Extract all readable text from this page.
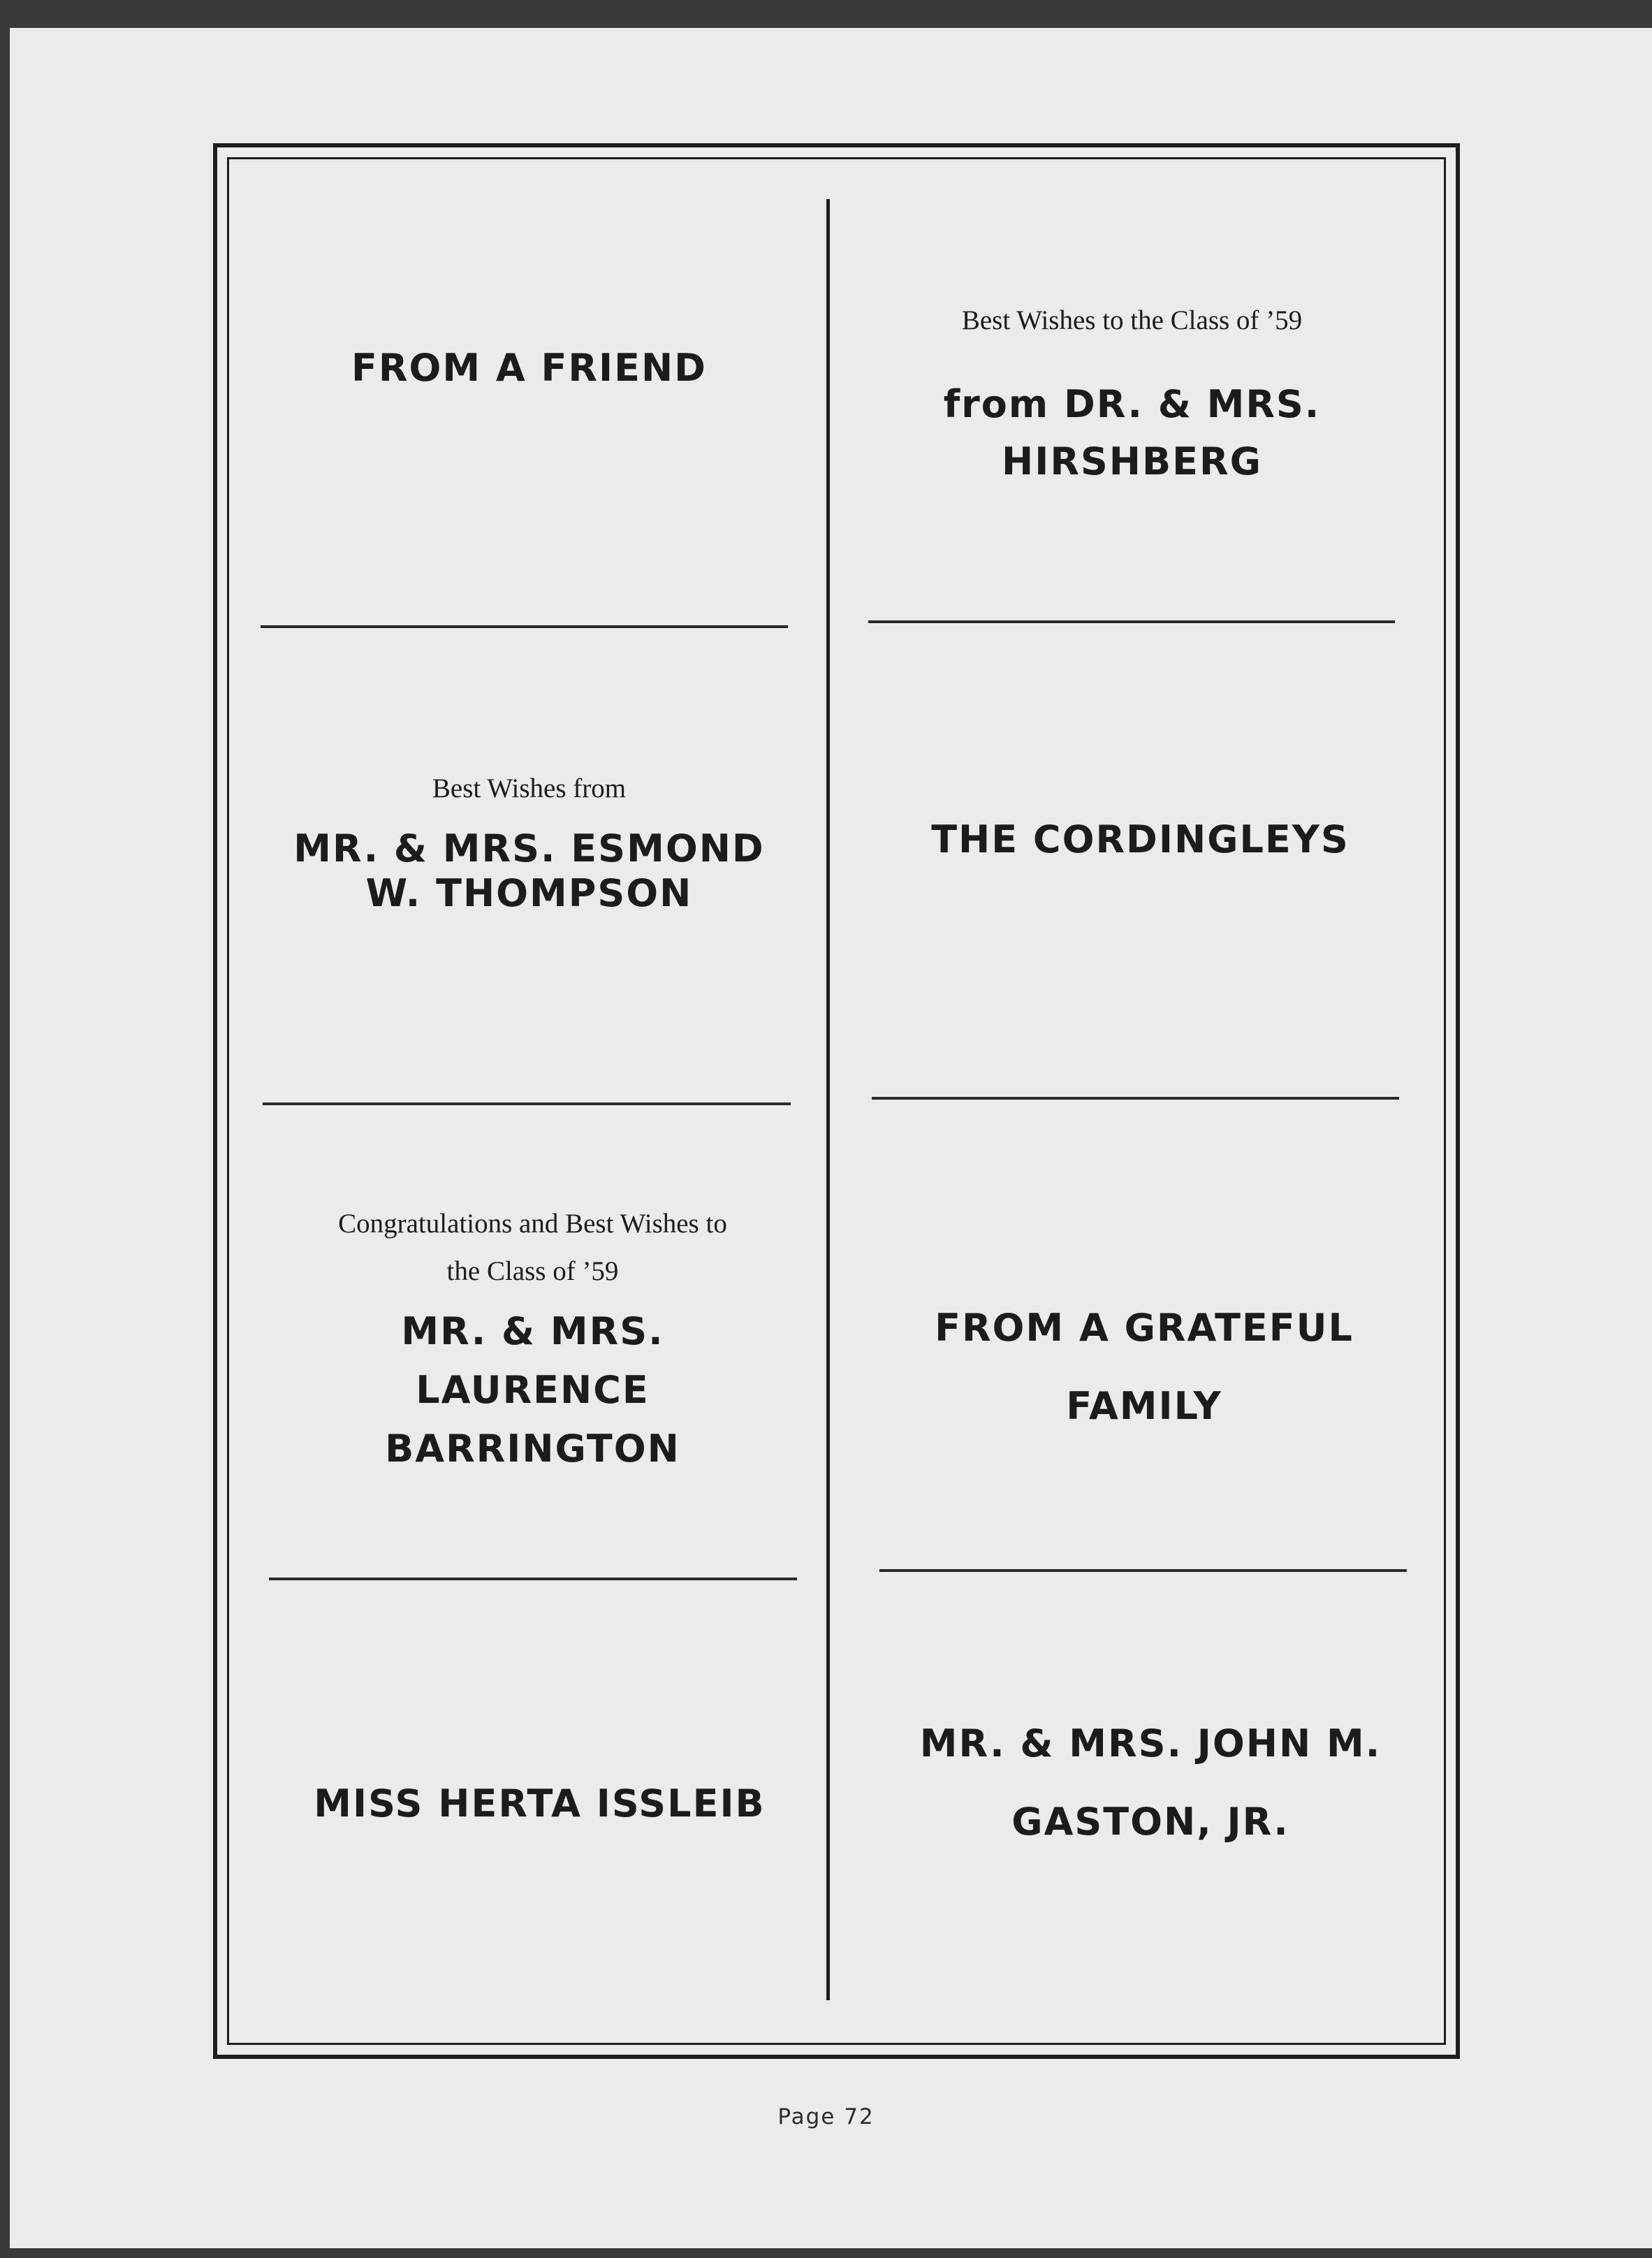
FROM A FRIEND
Best Wishes from
MR. & MRS. ESMOND
W. THOMPSON
Congratulations and Best Wishes to
the Class of ’59
MR. & MRS.
LAURENCE
BARRINGTON
MISS HERTA ISSLEIB
Best Wishes to the Class of ’59
from DR. & MRS.
HIRSHBERG
THE CORDINGLEYS
FROM A GRATEFUL
FAMILY
MR. & MRS. JOHN M.
GASTON, JR.
Page 72
